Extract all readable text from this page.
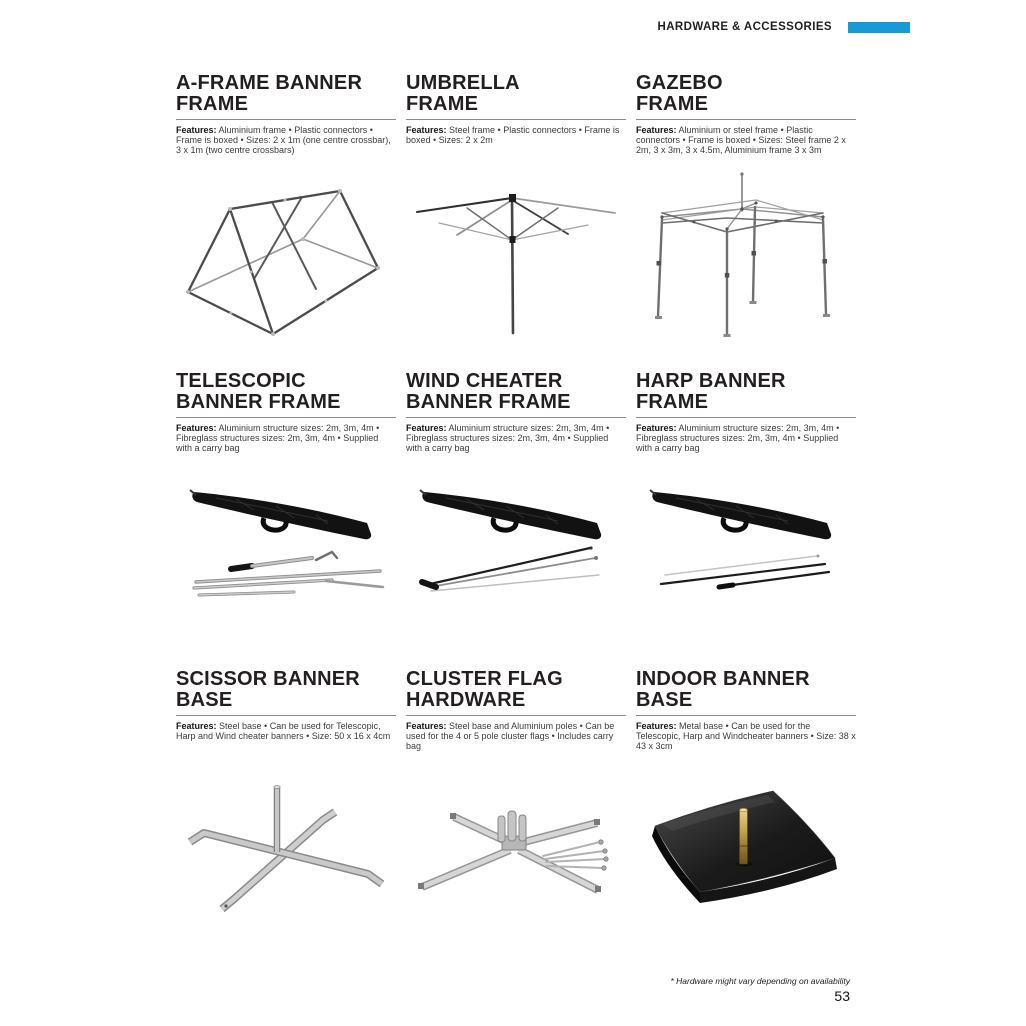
HARDWARE & ACCESSORIES
A-FRAME BANNER
FRAME

Features: Aluminium frame • Plastic connectors • Frame is boxed • Sizes: 2 x 1m (one centre crossbar), 3 x 1m (two centre crossbars)

UMBRELLA
FRAME

Features: Steel frame • Plastic connectors • Frame is boxed • Sizes: 2 x 2m

GAZEBO
FRAME

Features: Aluminium or steel frame • Plastic connectors • Frame is boxed • Sizes: Steel frame 2 x 2m, 3 x 3m, 3 x 4.5m, Aluminium frame 3 x 3m

TELESCOPIC
BANNER FRAME

Features: Aluminium structure sizes: 2m, 3m, 4m • Fibreglass structures sizes: 2m, 3m, 4m • Supplied with a carry bag

WIND CHEATER
BANNER FRAME

Features: Aluminium structure sizes: 2m, 3m, 4m • Fibreglass structures sizes: 2m, 3m, 4m • Supplied with a carry bag

HARP BANNER
FRAME

Features: Aluminium structure sizes: 2m, 3m, 4m • Fibreglass structures sizes: 2m, 3m, 4m • Supplied with a carry bag

SCISSOR BANNER
BASE

Features: Steel base • Can be used for Telescopic, Harp and Wind cheater banners • Size: 50 x 16 x 4cm

CLUSTER FLAG
HARDWARE

Features: Steel base and Aluminium poles • Can be used for the 4 or 5 pole cluster flags • Includes carry bag

INDOOR BANNER
BASE

Features: Metal base • Can be used for the Telescopic, Harp and Windcheater banners • Size: 38 x 43 x 3cm

* Hardware might vary depending on availability
53
